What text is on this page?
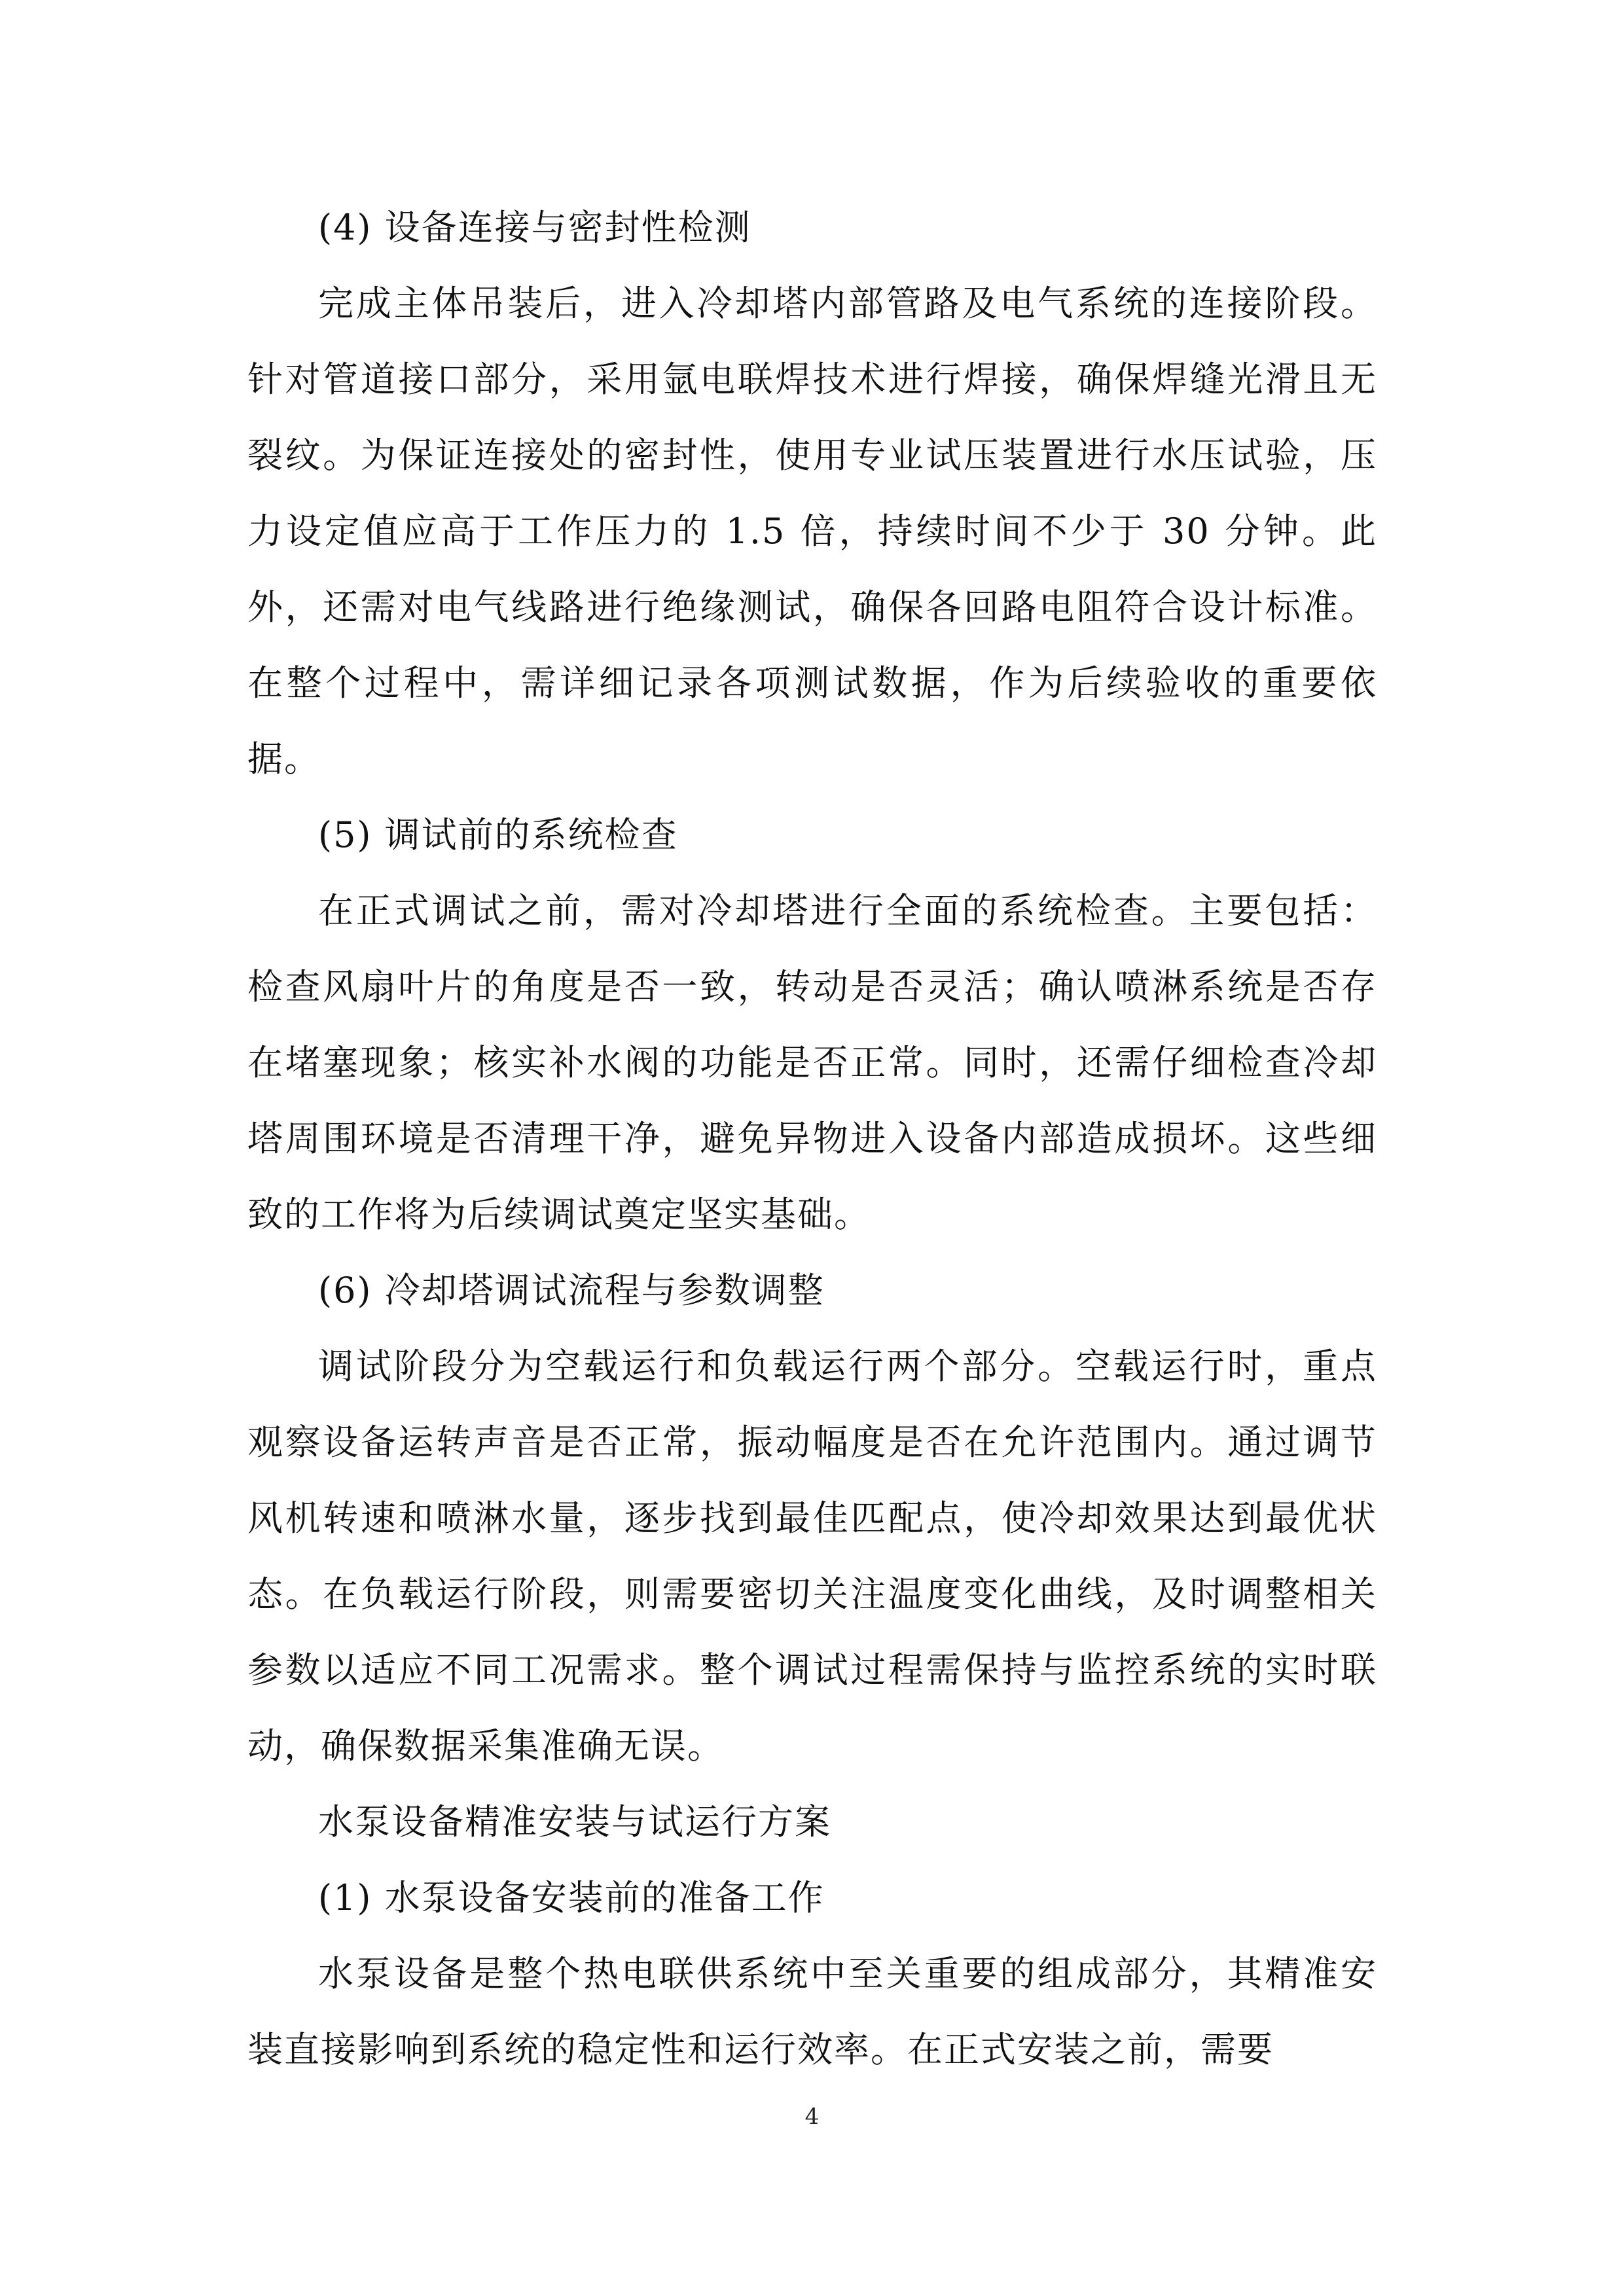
(4) 设备连接与密封性检测

完成主体吊装后，进入冷却塔内部管路及电气系统的连接阶段。针对管道接口部分，采用氩电联焊技术进行焊接，确保焊缝光滑且无裂纹。为保证连接处的密封性，使用专业试压装置进行水压试验，压力设定值应高于工作压力的 1.5 倍，持续时间不少于 30 分钟。此外，还需对电气线路进行绝缘测试，确保各回路电阻符合设计标准。在整个过程中，需详细记录各项测试数据，作为后续验收的重要依据。

(5) 调试前的系统检查

在正式调试之前，需对冷却塔进行全面的系统检查。主要包括：检查风扇叶片的角度是否一致，转动是否灵活；确认喷淋系统是否存在堵塞现象；核实补水阀的功能是否正常。同时，还需仔细检查冷却塔周围环境是否清理干净，避免异物进入设备内部造成损坏。这些细致的工作将为后续调试奠定坚实基础。

(6) 冷却塔调试流程与参数调整

调试阶段分为空载运行和负载运行两个部分。空载运行时，重点观察设备运转声音是否正常，振动幅度是否在允许范围内。通过调节风机转速和喷淋水量，逐步找到最佳匹配点，使冷却效果达到最优状态。在负载运行阶段，则需要密切关注温度变化曲线，及时调整相关参数以适应不同工况需求。整个调试过程需保持与监控系统的实时联动，确保数据采集准确无误。

水泵设备精准安装与试运行方案

(1) 水泵设备安装前的准备工作

水泵设备是整个热电联供系统中至关重要的组成部分，其精准安装直接影响到系统的稳定性和运行效率。在正式安装之前，需要

4
